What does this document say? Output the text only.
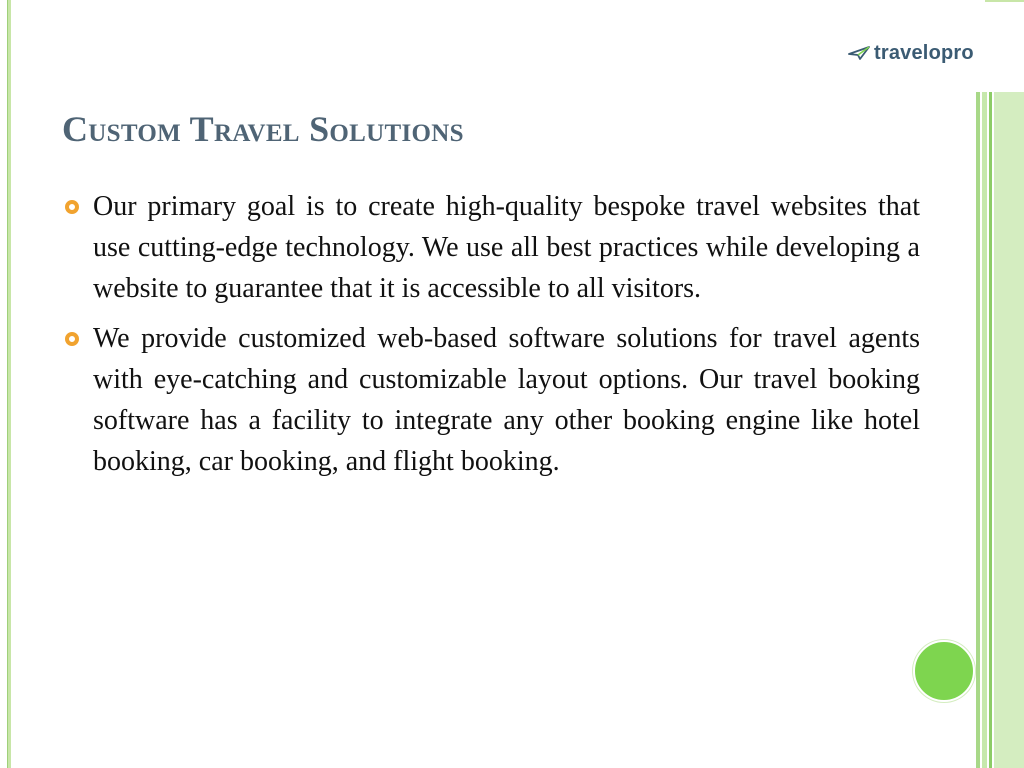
travelopro
Custom Travel Solutions

Our primary goal is to create high-quality bespoke travel websites that use cutting-edge technology. We use all best practices while developing a website to guarantee that it is accessible to all visitors.

We provide customized web-based software solutions for travel agents with eye-catching and customizable layout options. Our travel booking software has a facility to integrate any other booking engine like hotel booking, car booking, and flight booking.
